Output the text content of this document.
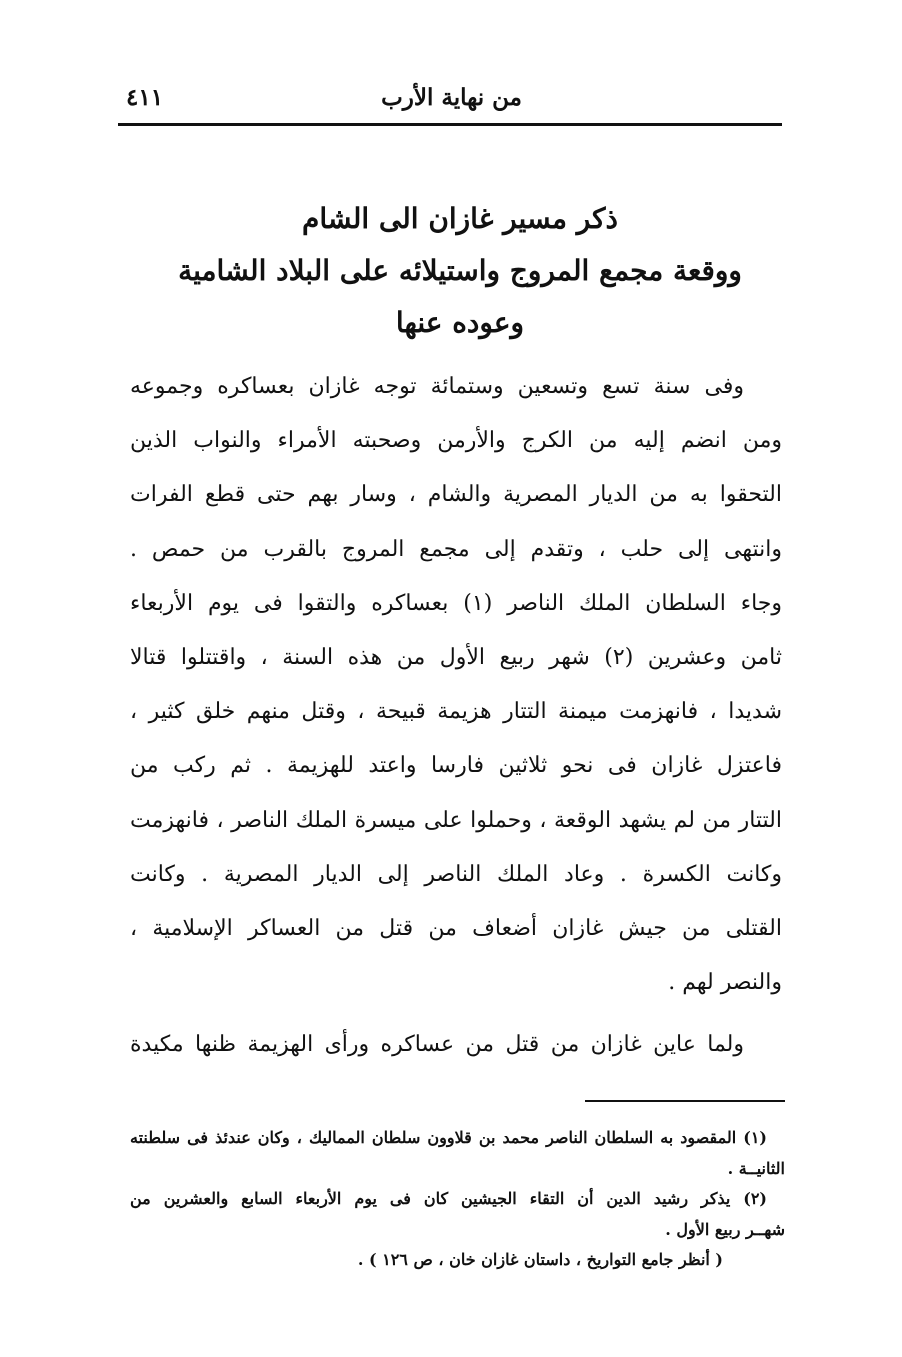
من نهاية الأرب
٤١١
ذكر مسير غازان الى الشام
ووقعة مجمع المروج واستيلائه على البلاد الشامية
وعوده عنها
وفى سنة تسع وتسعين وستمائة توجه غازان بعساكره وجموعه
ومن انضم إليه من الكرج والأرمن وصحبته الأمراء والنواب الذين
التحقوا به من الديار المصرية والشام ، وسار بهم حتى قطع الفرات
وانتهى إلى حلب ، وتقدم إلى مجمع المروج بالقرب من حمص .
وجاء السلطان الملك الناصر (١) بعساكره والتقوا فى يوم الأربعاء
ثامن وعشرين (٢) شهر ربيع الأول من هذه السنة ، واقتتلوا قتالا
شديدا ، فانهزمت ميمنة التتار هزيمة قبيحة ، وقتل منهم خلق كثير ،
فاعتزل غازان فى نحو ثلاثين فارسا واعتد للهزيمة . ثم ركب من
التتار من لم يشهد الوقعة ، وحملوا على ميسرة الملك الناصر ، فانهزمت
وكانت الكسرة . وعاد الملك الناصر إلى الديار المصرية . وكانت
القتلى من جيش غازان أضعاف من قتل من العساكر الإسلامية ،
والنصر لهم .
ولما عاين غازان من قتل من عساكره ورأى الهزيمة ظنها مكيدة
(١) المقصود به السلطان الناصر محمد بن قلاوون سلطان المماليك ، وكان عندئذ فى سلطنته
الثانيــة .
(٢) يذكر رشيد الدين أن التقاء الجيشين كان فى يوم الأربعاء السابع والعشرين من
شهــر ربيع الأول .
( أنظر جامع التواريخ ، داستان غازان خان ، ص ١٢٦ ) .
